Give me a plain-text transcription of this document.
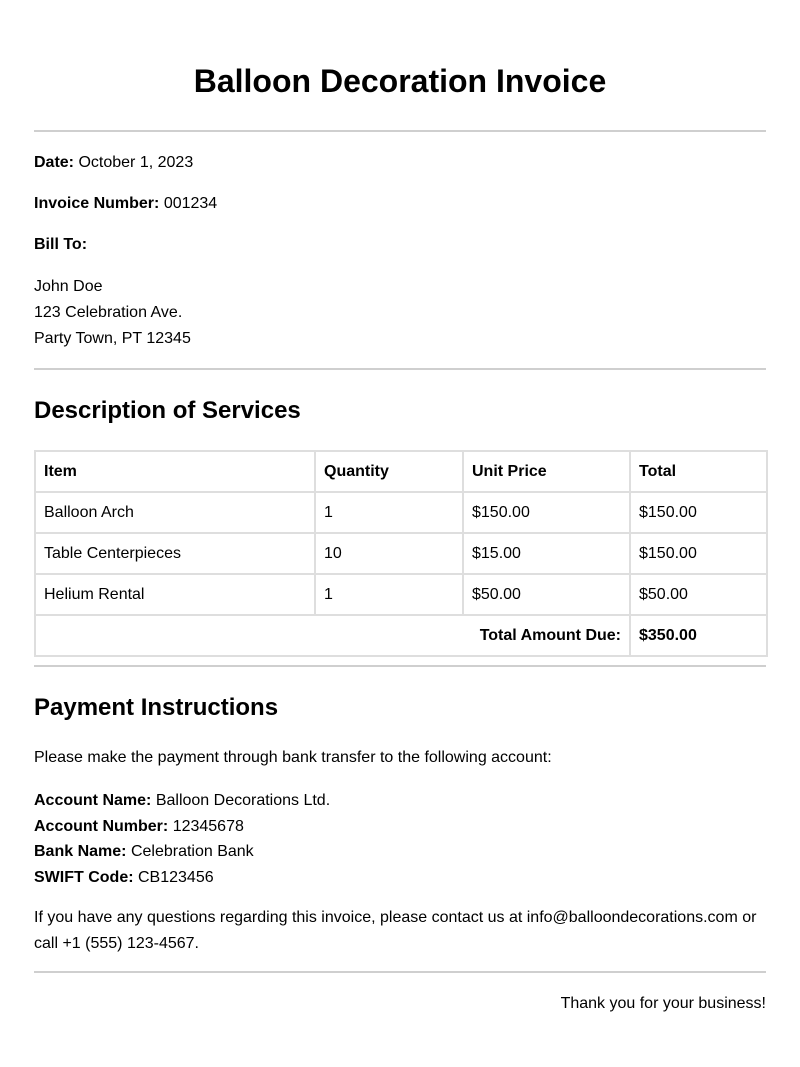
Balloon Decoration Invoice

Date: October 1, 2023

Invoice Number: 001234

Bill To:

John Doe
123 Celebration Ave.
Party Town, PT 12345
Description of Services
Item	Quantity	Unit Price	Total
Balloon Arch	1	$150.00	$150.00
Table Centerpieces	10	$15.00	$150.00
Helium Rental	1	$50.00	$50.00
Total Amount Due:			$350.00
Payment Instructions

Please make the payment through bank transfer to the following account:

Account Name: Balloon Decorations Ltd.
Account Number: 12345678
Bank Name: Celebration Bank
SWIFT Code: CB123456

If you have any questions regarding this invoice, please contact us at info@balloondecorations.com or call +1 (555) 123-4567.

Thank you for your business!
